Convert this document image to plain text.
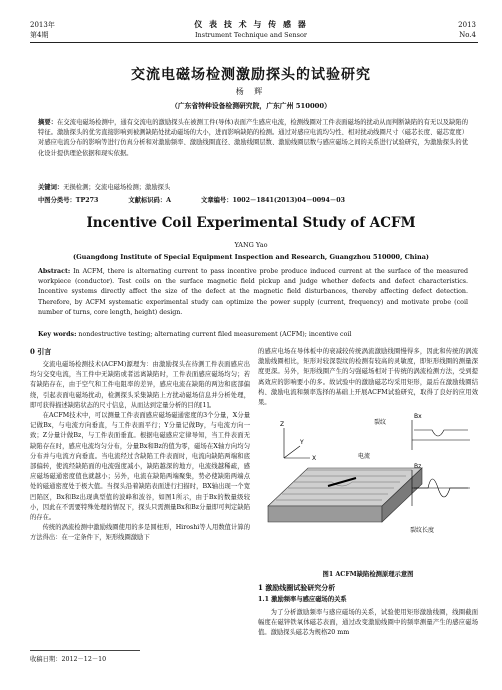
2013年
第4期
仪 表 技 术 与 传 感 器
Instrument Technique and Sensor
2013
No.4
交流电磁场检测激励探头的试验研究
杨 辉
（广东省特种设备检测研究院，广东广州 510000）
摘要：在交流电磁场检测中，通有交流电的激励探头在被测工件(导体)表面产生感应电流，检测线圈对工件表面磁场的扰动从而判断缺陷的有无以及缺陷的特征。激励探头的优劣直接影响到被测缺陷处扰动磁场的大小，进而影响缺陷的检测。通过对感应电流均匀性、相对扰动线圈尺寸（磁芯长度、磁芯宽度）对感应电流分布的影响等进行仿真分析和对激励频率、激励线圈直径、激励线圈层数、激励线圈层数与感应磁场之间的关系进行试验研究，为激励探头的优化设计提供理论依据和现实依据。
关键词：无损检测；交流电磁场检测；激励探头
中图分类号：TP273	文献标识码：A	文章编号：1002－1841(2013)04－0094－03
Incentive Coil Experimental Study of ACFM
YANG Yao
(Guangdong Institute of Special Equipment Inspection and Research, Guangzhou 510000, China)
Abstract: In ACFM, there is alternating current to pass incentive probe produce induced current at the surface of the measured workpiece (conductor). Test coils on the surface magnetic field pickup and judge whether defects and defect characteristics. Incentive systems directly affect the size of the defect at the magnetic field disturbances, thereby affecting defect detection. Therefore, by ACFM systematic experimental study can optimize the power supply (current, frequency) and motivate probe (coil number of turns, core length, height) design.
Key words: nondestructive testing; alternating current filed measurement (ACFM); incentive coil
0 引言

交流电磁场检测技术(ACFM)源理为：由激励探头在待测工件表面感应出均匀交变电流，当工件中无缺陷或者远离缺陷时，工件表面感应磁场均匀；若有缺陷存在，由于空气和工件电阻率的差异，感应电流在缺陷的两边和底部偏绕，引起表面电磁场扰动，检测探头采集缺陷上方扰动磁场信息并分析处理，即可获得描述缺陷状态的尺寸信息，从而达到定量分析的目的[1]。

在ACFM技术中，可以测量工件表面感应磁场磁通密度的3个分量，X分量记做Bx，与电流方向垂直，与工件表面平行；Y分量记做By，与电流方向一致；Z分量计做Bz，与工件表面垂直。根据电磁感应定律导知，当工件表面无缺陷存在时，感应电流均匀分布，分量Bx和Bz的值为零，磁场在X轴方向均匀分布并与电流方向垂直。当电流经过含缺陷工件表面时，电流向缺陷两端和底部偏转，使流经缺陷面的电流强度减小，缺陷越深的地方，电流线越稀疏，感应磁场磁通密度值也就越小；另外，电流在缺陷两端聚集，势必使缺陷两端点处的磁通密度处于极大值。当探头沿着缺陷表面进行扫描时，BX轴出现一个宽凹陷区，Bx和Bz出现典型值的波峰和波谷，如图1所示，由于Bx的数量级较小，因此在不需要特殊处理的情况下，探头只需测量Bx和Bz分量即可判定缺陷的存在。

传统的涡流检测中激励线圈使用的多是圆柱形，Hiroshi等人用数值计算的方法得出：在一定条件下，矩形线圈激励下

收稿日期：2012－12－10

的感应电场在导体板中的衰减较传统涡流激励线圈慢得多，因此和传统的涡流激励线圈相比，矩形对较深裂纹的检测有较高的灵敏度，即矩形线圈的测量深度更深。另外，矩形线圈产生的匀强磁场相对于传统的涡流检测方法，受到提离效应的影响要小的多。故试验中的激励磁芯均采用矩形，最后在激励线圈结构、激励电流和频率选择的基础上开展ACFM试验研究，取得了良好的应用效果。

Z
X
Y
裂纹
电流
Bx
Bz
裂纹长度
图1 ACFM缺陷检测原理示意图
1 激励线圈试验研究分析
1.1 激励频率与感应磁场的关系

为了分析激励频率与感应磁场的关系，试验使用矩形激励线圈，线圈截面幅度在磁锌铁氧体磁芯表面，通过改变激励线圈中的频率测量产生的感应磁场值。激励探头磁芯为规格20 mm
